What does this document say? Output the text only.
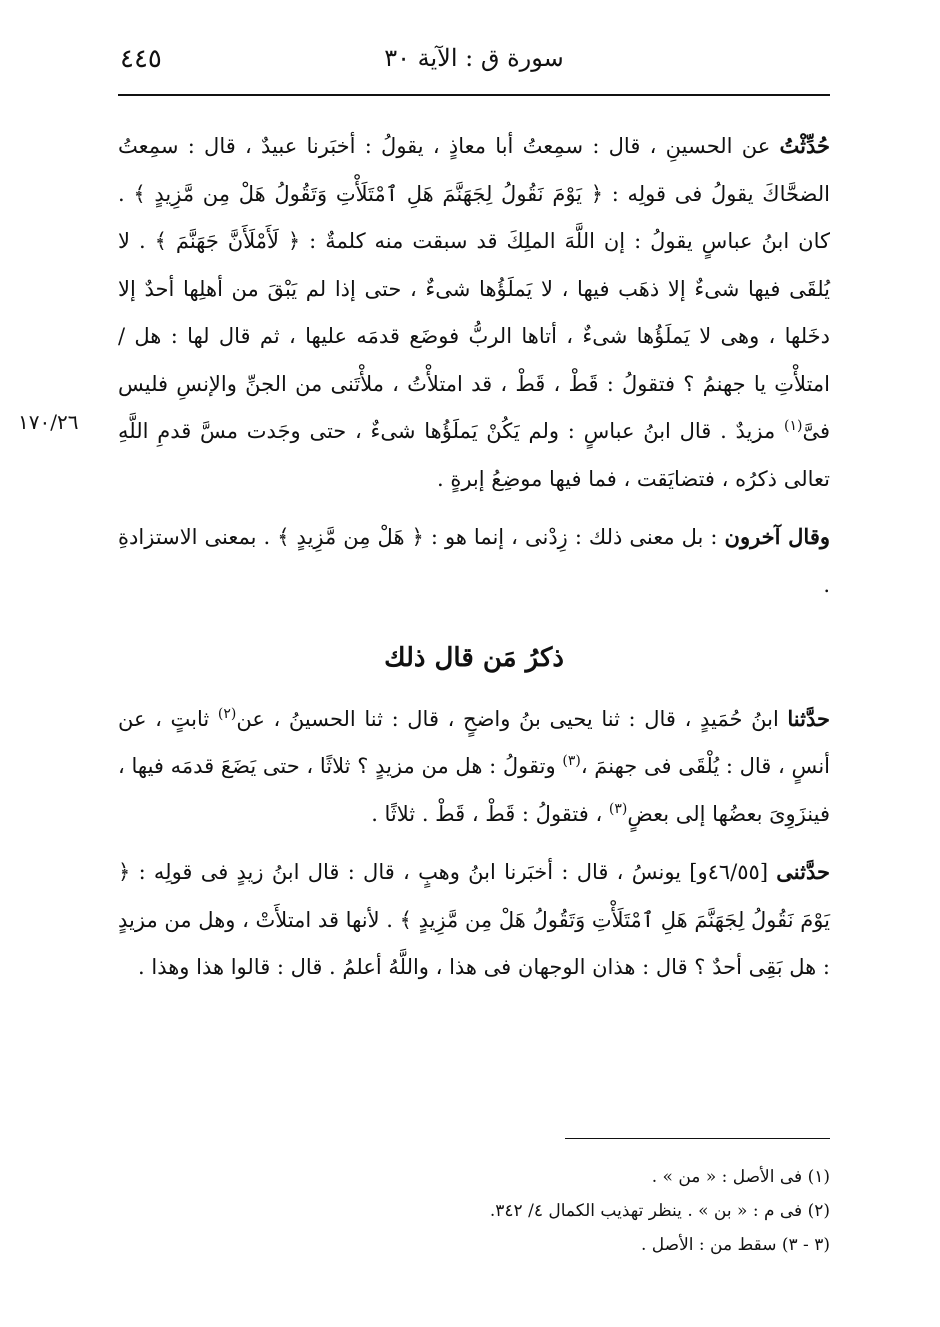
٤٤٥	سورة ق : الآية ٣٠
١٧٠/٢٦

حُدِّثْتُ عن الحسينِ ، قال : سمِعتُ أبا معاذٍ ، يقولُ : أخبَرنا عبيدٌ ، قال : سمِعتُ الضحَّاكَ يقولُ فى قولِه : ﴿ يَوْمَ نَقُولُ لِجَهَنَّمَ هَلِ ٱمْتَلَأْتِ وَتَقُولُ هَلْ مِن مَّزِيدٍ ﴾ . كان ابنُ عباسٍ يقولُ : إن اللَّهَ الملِكَ قد سبقت منه كلمةٌ : ﴿ لَأَمْلَأَنَّ جَهَنَّمَ ﴾ . لا يُلقَى فيها شىءٌ إلا ذهَب فيها ، لا يَملَؤُها شىءٌ ، حتى إذا لم يَبْقَ من أهلِها أحدٌ إلا دخَلها ، وهى لا يَملَؤُها شىءٌ ، أتاها الربُّ فوضَع قدمَه عليها ، ثم قال لها : هل / امتلأْتِ يا جهنمُ ؟ فتقولُ : قَطْ ، قَطْ ، قد امتلأْتُ ، ملأْتَنى من الجنِّ والإنسِ فليس فىَّ$^{(١)}$ مزيدٌ . قال ابنُ عباسٍ : ولم يَكُنْ يَملَؤُها شىءٌ ، حتى وجَدت مسَّ قدمِ اللَّهِ تعالى ذكرُه ، فتضايَقت ، فما فيها موضِعُ إبرةٍ .

وقال آخرون : بل معنى ذلك : زِدْنى ، إنما هو : ﴿ هَلْ مِن مَّزِيدٍ ﴾ . بمعنى الاستزادةِ .

ذكرُ مَن قال ذلك

حدَّثنا ابنُ حُمَيدٍ ، قال : ثنا يحيى بنُ واضحٍ ، قال : ثنا الحسينُ ، عن$^{(٢)}$ ثابتٍ ، عن أنسٍ ، قال : يُلْقَى فى جهنمَ ،$^{(٣)}$ وتقولُ : هل من مزيدٍ ؟ ثلاثًا ، حتى يَضَعَ قدمَه فيها ، فينزَوِىَ بعضُها إلى بعضٍ$^{(٣)}$ ، فتقولُ : قَطْ ، قَطْ . ثلاثًا .

حدَّثنى [٤٦/٥٥و] يونسُ ، قال : أخبَرنا ابنُ وهبٍ ، قال : قال ابنُ زيدٍ فى قولِه : ﴿ يَوْمَ نَقُولُ لِجَهَنَّمَ هَلِ ٱمْتَلَأْتِ وَتَقُولُ هَلْ مِن مَّزِيدٍ ﴾ . لأنها قد امتلأَتْ ، وهل من مزيدٍ : هل بَقِى أحدٌ ؟ قال : هذان الوجهان فى هذا ، واللَّهُ أعلمُ . قال : قالوا هذا وهذا .

(١) فى الأصل : « من » .
(٢) فى م : « بن » . ينظر تهذيب الكمال ٤/ ٣٤٢.
(٣ - ٣) سقط من : الأصل .
